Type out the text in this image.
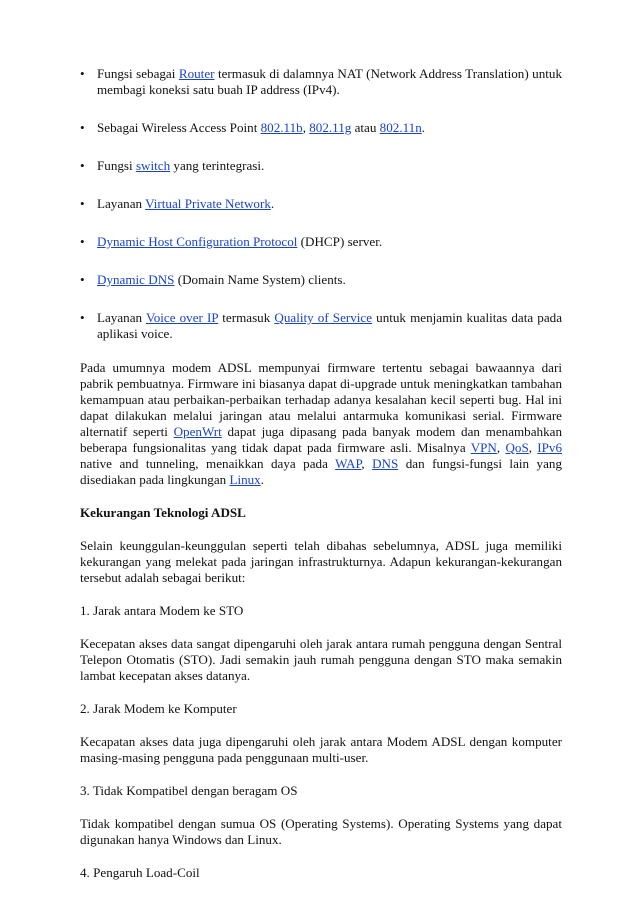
• Fungsi sebagai Router termasuk di dalamnya NAT (Network Address Translation) untuk membagi koneksi satu buah IP address (IPv4).
• Sebagai Wireless Access Point 802.11b, 802.11g atau 802.11n.
• Fungsi switch yang terintegrasi.
• Layanan Virtual Private Network.
• Dynamic Host Configuration Protocol (DHCP) server.
• Dynamic DNS (Domain Name System) clients.
• Layanan Voice over IP termasuk Quality of Service untuk menjamin kualitas data pada aplikasi voice.

Pada umumnya modem ADSL mempunyai firmware tertentu sebagai bawaannya dari pabrik pembuatnya. Firmware ini biasanya dapat di-upgrade untuk meningkatkan tambahan kemampuan atau perbaikan-perbaikan terhadap adanya kesalahan kecil seperti bug. Hal ini dapat dilakukan melalui jaringan atau melalui antarmuka komunikasi serial. Firmware alternatif seperti OpenWrt dapat juga dipasang pada banyak modem dan menambahkan beberapa fungsionalitas yang tidak dapat pada firmware asli. Misalnya VPN, QoS, IPv6 native and tunneling, menaikkan daya pada WAP, DNS dan fungsi-fungsi lain yang disediakan pada lingkungan Linux.

Kekurangan Teknologi ADSL

Selain keunggulan-keunggulan seperti telah dibahas sebelumnya, ADSL juga memiliki kekurangan yang melekat pada jaringan infrastrukturnya. Adapun kekurangan-kekurangan tersebut adalah sebagai berikut:

1. Jarak antara Modem ke STO

Kecepatan akses data sangat dipengaruhi oleh jarak antara rumah pengguna dengan Sentral Telepon Otomatis (STO). Jadi semakin jauh rumah pengguna dengan STO maka semakin lambat kecepatan akses datanya.

2. Jarak Modem ke Komputer

Kecapatan akses data juga dipengaruhi oleh jarak antara Modem ADSL dengan komputer masing-masing pengguna pada penggunaan multi-user.

3. Tidak Kompatibel dengan beragam OS

Tidak kompatibel dengan sumua OS (Operating Systems). Operating Systems yang dapat digunakan hanya Windows dan Linux.

4. Pengaruh Load-Coil
